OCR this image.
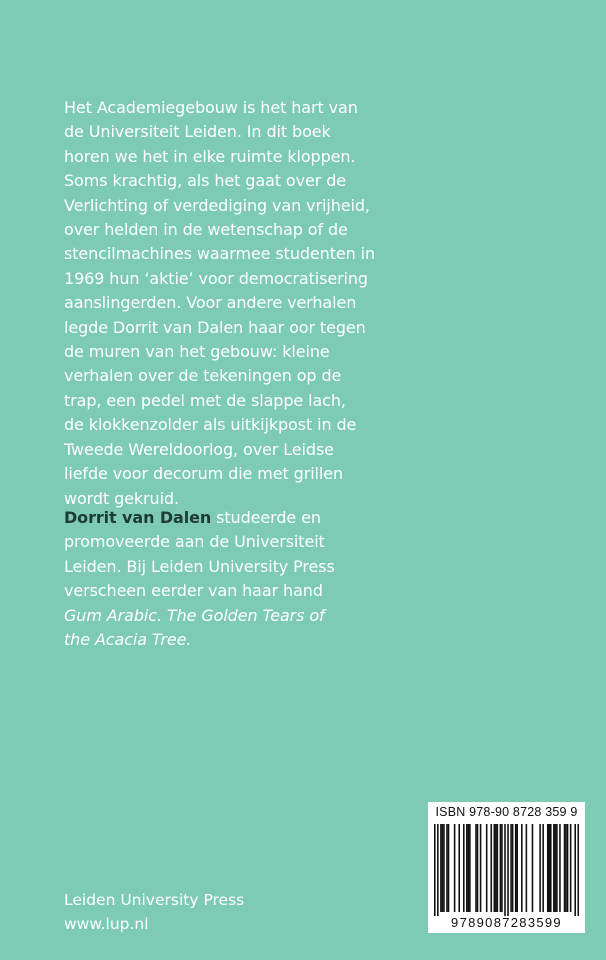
Het Academiegebouw is het hart van
de Universiteit Leiden. In dit boek
horen we het in elke ruimte kloppen.
Soms krachtig, als het gaat over de
Verlichting of verdediging van vrijheid,
over helden in de wetenschap of de
stencilmachines waarmee studenten in
1969 hun ‘aktie’ voor democratisering
aanslingerden. Voor andere verhalen
legde Dorrit van Dalen haar oor tegen
de muren van het gebouw: kleine
verhalen over de tekeningen op de
trap, een pedel met de slappe lach,
de klokkenzolder als uitkijkpost in de
Tweede Wereldoorlog, over Leidse
liefde voor decorum die met grillen
wordt gekruid.
Dorrit van Dalen studeerde en
promoveerde aan de Universiteit
Leiden. Bij Leiden University Press
verscheen eerder van haar hand
Gum Arabic. The Golden Tears of
the Acacia Tree.
Leiden University Press
www.lup.nl
ISBN 978-90 8728 359 9
9789087283599
